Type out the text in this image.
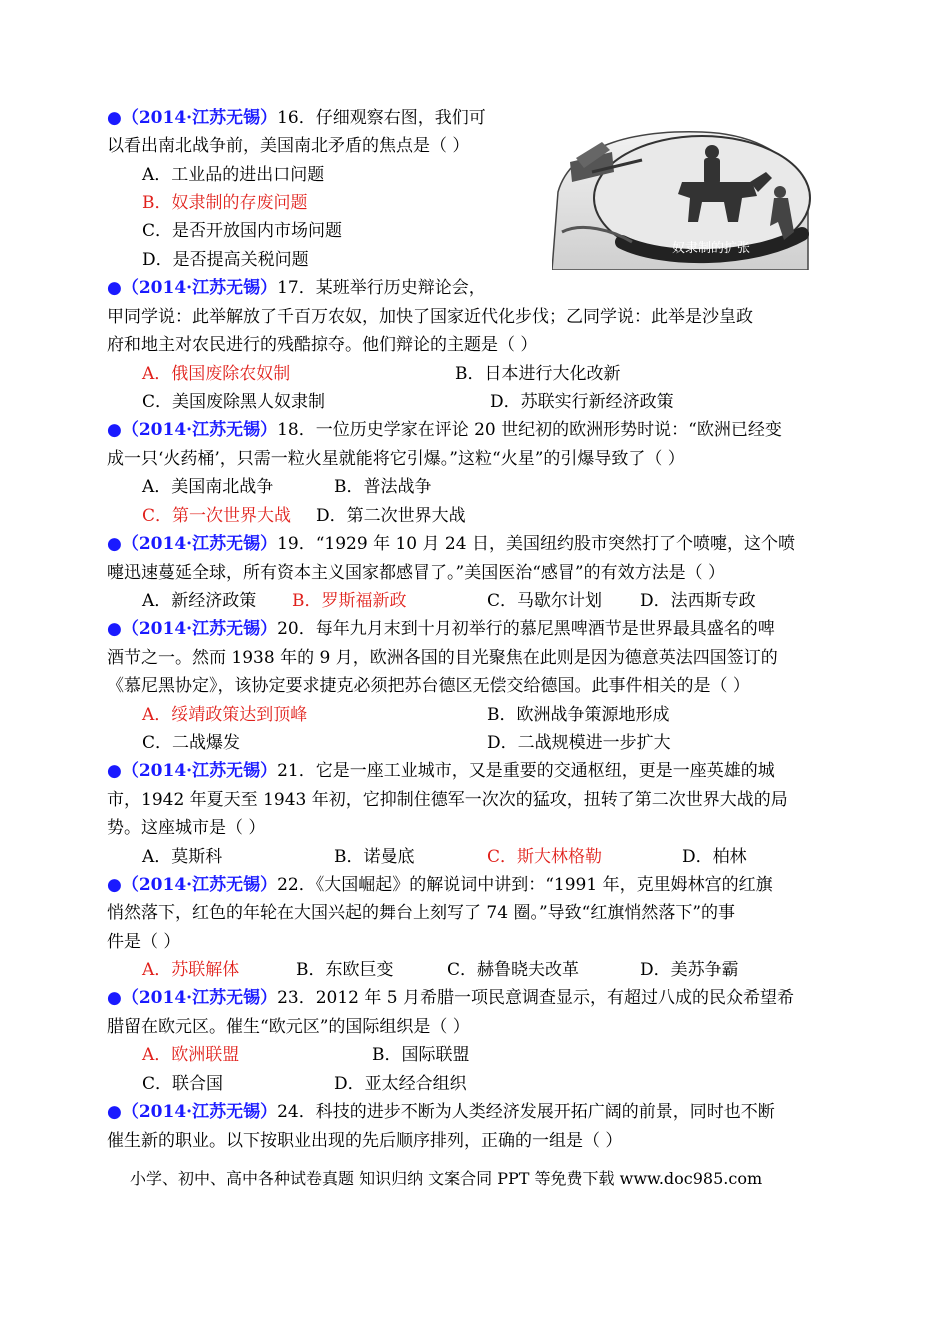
奴隶制的扩张
●（2014·江苏无锡）16．仔细观察右图，我们可
以看出南北战争前，美国南北矛盾的焦点是（ ）
A．工业品的进出口问题
B．奴隶制的存废问题
C．是否开放国内市场问题
D．是否提高关税问题
●（2014·江苏无锡）17．某班举行历史辩论会，
甲同学说：此举解放了千百万农奴，加快了国家近代化步伐；乙同学说：此举是沙皇政
府和地主对农民进行的残酷掠夺。他们辩论的主题是（ ）
A．俄国废除农奴制	B．日本进行大化改新
C．美国废除黑人奴隶制	D．苏联实行新经济政策
●（2014·江苏无锡）18．一位历史学家在评论 20 世纪初的欧洲形势时说：“欧洲已经变
成一只‘火药桶’，只需一粒火星就能将它引爆。”这粒“火星”的引爆导致了（ ）
A．美国南北战争	B．普法战争
C．第一次世界大战 D．第二次世界大战
●（2014·江苏无锡）19．“1929 年 10 月 24 日，美国纽约股市突然打了个喷嚏，这个喷
嚏迅速蔓延全球，所有资本主义国家都感冒了。”美国医治“感冒”的有效方法是（ ）
A．新经济政策 B．罗斯福新政	C．马歇尔计划 D．法西斯专政
●（2014·江苏无锡）20．每年九月末到十月初举行的慕尼黑啤酒节是世界最具盛名的啤
酒节之一。然而 1938 年的 9 月，欧洲各国的目光聚焦在此则是因为德意英法四国签订的
《慕尼黑协定》，该协定要求捷克必须把苏台德区无偿交给德国。此事件相关的是（ ）
A．绥靖政策达到顶峰	B．欧洲战争策源地形成
C．二战爆发	D．二战规模进一步扩大
●（2014·江苏无锡）21．它是一座工业城市，又是重要的交通枢纽，更是一座英雄的城
市，1942 年夏天至 1943 年初，它抑制住德军一次次的猛攻，扭转了第二次世界大战的局
势。这座城市是（ ）
A．莫斯科	B．诺曼底	C．斯大林格勒	D．柏林
●（2014·江苏无锡）22．《大国崛起》的解说词中讲到：“1991 年，克里姆林宫的红旗
悄然落下，红色的年轮在大国兴起的舞台上刻写了 74 圈。”导致“红旗悄然落下”的事
件是（ ）
A．苏联解体	B．东欧巨变	C．赫鲁晓夫改革	D．美苏争霸
●（2014·江苏无锡）23．2012 年 5 月希腊一项民意调查显示，有超过八成的民众希望希
腊留在欧元区。催生“欧元区”的国际组织是（ ）
A．欧洲联盟	B．国际联盟
C．联合国	D．亚太经合组织
●（2014·江苏无锡）24．科技的进步不断为人类经济发展开拓广阔的前景，同时也不断
催生新的职业。以下按职业出现的先后顺序排列，正确的一组是（ ）
小学、初中、高中各种试卷真题 知识归纳 文案合同 PPT 等免费下载 www.doc985.com
